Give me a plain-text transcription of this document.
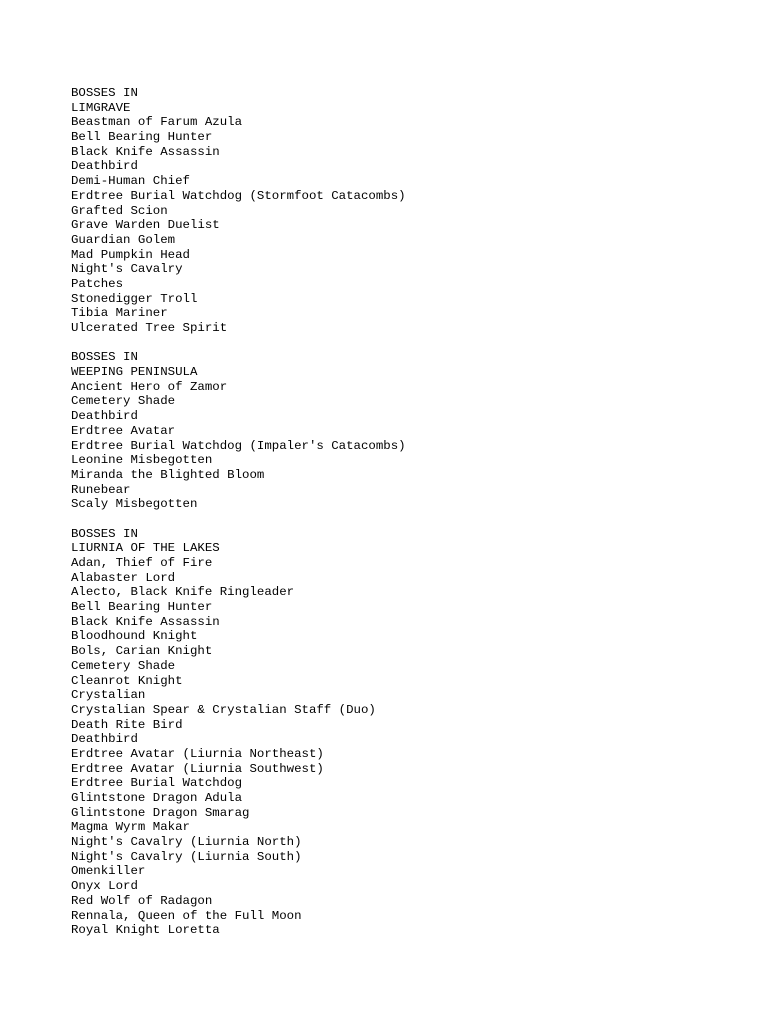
BOSSES IN
LIMGRAVE
Beastman of Farum Azula
Bell Bearing Hunter
Black Knife Assassin
Deathbird
Demi-Human Chief
Erdtree Burial Watchdog (Stormfoot Catacombs)
Grafted Scion
Grave Warden Duelist
Guardian Golem
Mad Pumpkin Head
Night's Cavalry
Patches
Stonedigger Troll
Tibia Mariner
Ulcerated Tree Spirit
BOSSES IN
WEEPING PENINSULA
Ancient Hero of Zamor
Cemetery Shade
Deathbird
Erdtree Avatar
Erdtree Burial Watchdog (Impaler's Catacombs)
Leonine Misbegotten
Miranda the Blighted Bloom
Runebear
Scaly Misbegotten
BOSSES IN
LIURNIA OF THE LAKES
Adan, Thief of Fire
Alabaster Lord
Alecto, Black Knife Ringleader
Bell Bearing Hunter
Black Knife Assassin
Bloodhound Knight
Bols, Carian Knight
Cemetery Shade
Cleanrot Knight
Crystalian
Crystalian Spear & Crystalian Staff (Duo)
Death Rite Bird
Deathbird
Erdtree Avatar (Liurnia Northeast)
Erdtree Avatar (Liurnia Southwest)
Erdtree Burial Watchdog
Glintstone Dragon Adula
Glintstone Dragon Smarag
Magma Wyrm Makar
Night's Cavalry (Liurnia North)
Night's Cavalry (Liurnia South)
Omenkiller
Onyx Lord
Red Wolf of Radagon
Rennala, Queen of the Full Moon
Royal Knight Loretta
